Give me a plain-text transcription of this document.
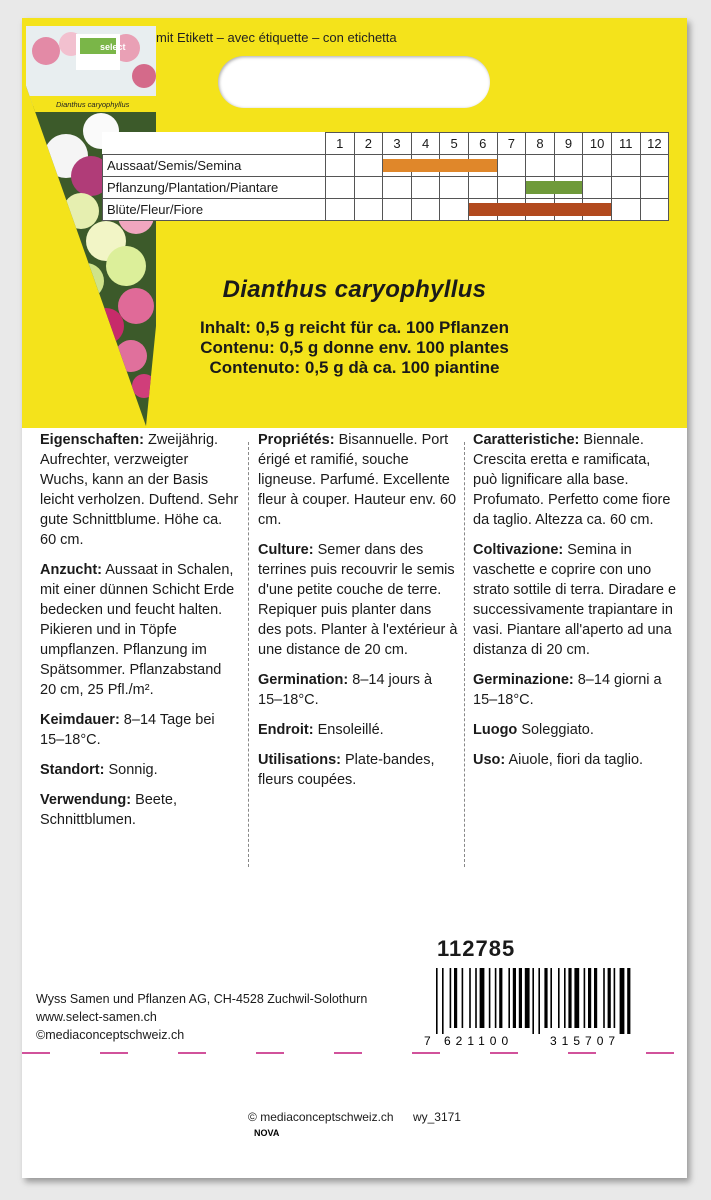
mit Etikett – avec étiquette – con etichetta
select
Dianthus caryophyllus
	1	2	3	4	5	6	7	8	9	10	11	12
Aussaat/Semis/Semina			

Pflanzung/Plantation/Piantare								

Blüte/Fleur/Fiore						

Dianthus caryophyllus
Inhalt: 0,5 g reicht für ca. 100 Pflanzen
Contenu: 0,5 g donne env. 100 plantes
Contenuto: 0,5 g dà ca. 100 piantine

Eigenschaften: Zweijährig. Aufrechter, verzweigter Wuchs, kann an der Basis leicht verholzen. Duftend. Sehr gute Schnittblume. Höhe ca. 60 cm.

Anzucht: Aussaat in Schalen, mit einer dünnen Schicht Erde bedecken und feucht halten. Pikieren und in Töpfe umpflanzen. Pflanzung im Spätsommer. Pflanzabstand 20 cm, 25 Pfl./m².

Keimdauer: 8–14 Tage bei 15–18°C.

Standort: Sonnig.

Verwendung: Beete, Schnittblumen.

Propriétés: Bisannuelle. Port érigé et ramifié, souche ligneuse. Parfumé. Excellente fleur à couper. Hauteur env. 60 cm.

Culture: Semer dans des terrines puis recouvrir le semis d'une petite couche de terre. Repiquer puis planter dans des pots. Planter à l'extérieur à une distance de 20 cm.

Germination: 8–14 jours à 15–18°C.

Endroit: Ensoleillé.

Utilisations: Plate-bandes, fleurs coupées.

Caratteristiche: Biennale. Crescita eretta e ramificata, può lignificare alla base. Profumato. Perfetto come fiore da taglio. Altezza ca. 60 cm.

Coltivazione: Semina in vaschette e coprire con uno strato sottile di terra. Diradare e successivamente trapiantare in vasi. Piantare all'aperto ad una distanza di 20 cm.

Germinazione: 8–14 giorni a 15–18°C.

Luogo Soleggiato.

Uso: Aiuole, fiori da taglio.

112785
7 621100	315707
Wyss Samen und Pflanzen AG, CH-4528 Zuchwil-Solothurn
www.select-samen.ch
©mediaconceptschweiz.ch
© mediaconceptschweiz.ch wy_3171
NOVA
